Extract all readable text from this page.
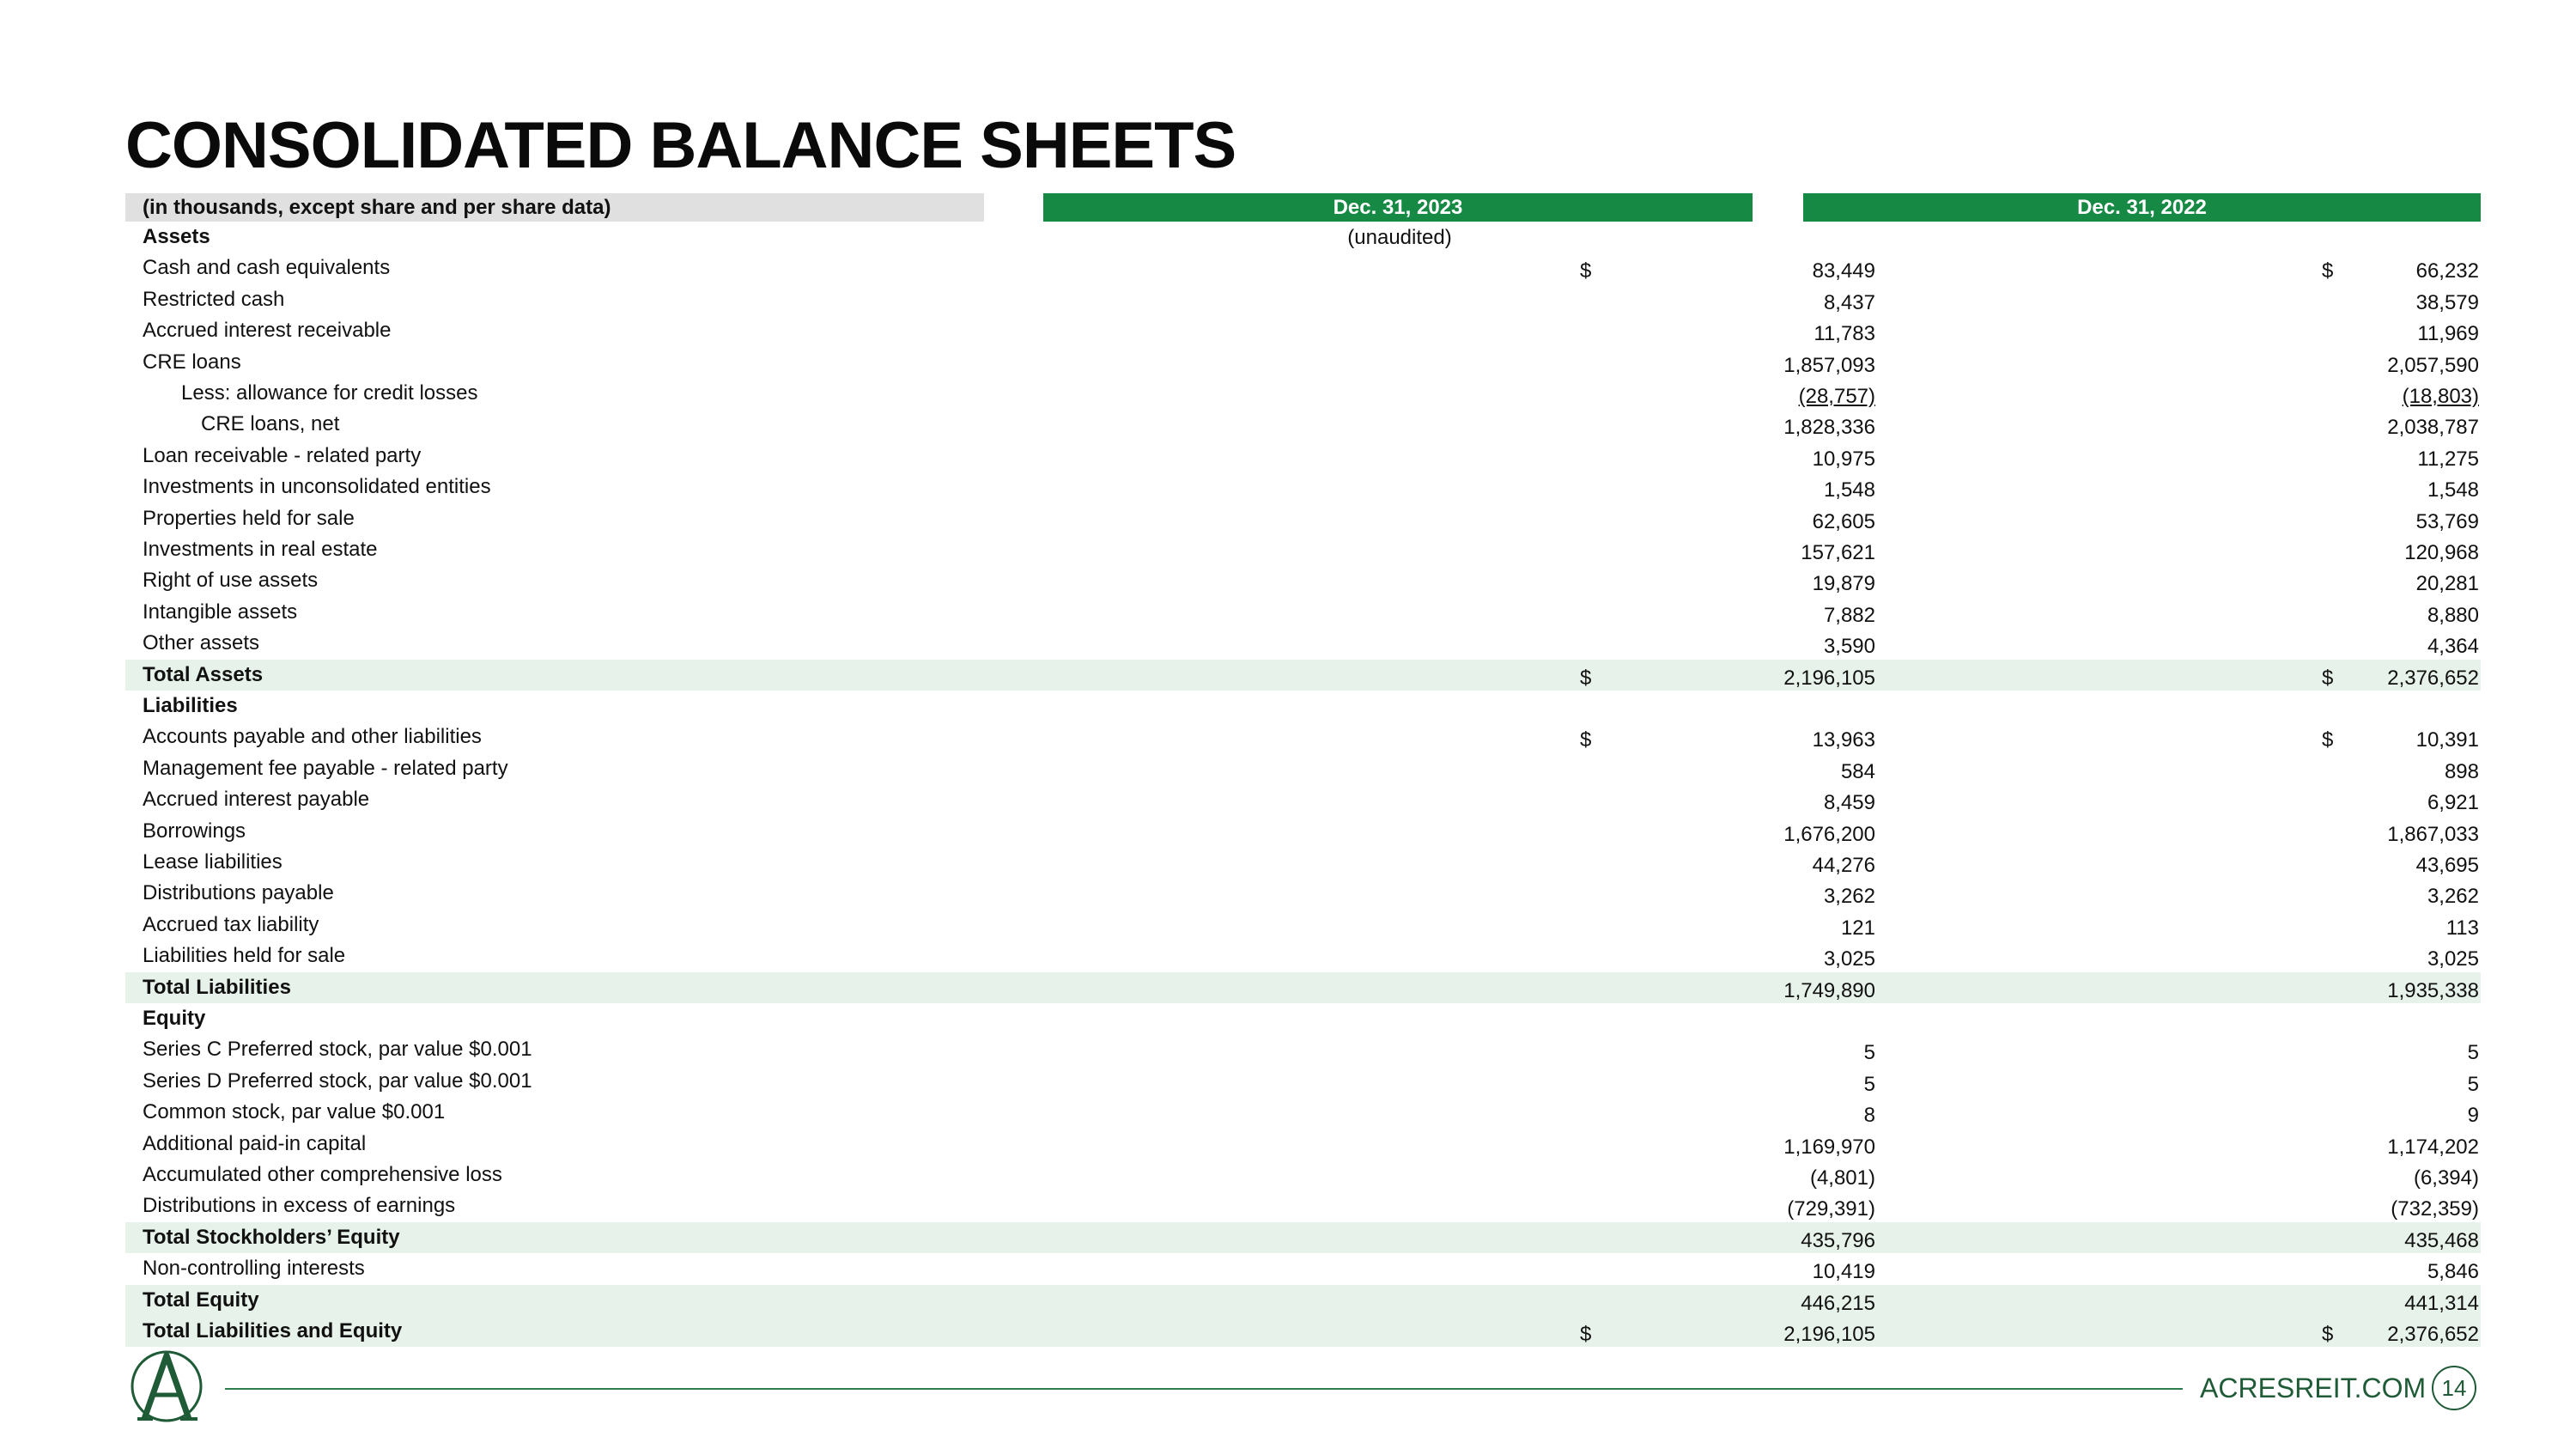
CONSOLIDATED BALANCE SHEETS
(in thousands, except share and per share data)	Dec. 31, 2023	Dec. 31, 2022
(unaudited)
Assets
Cash and cash equivalents	$	83,449	$	66,232
Restricted cash	8,437	38,579
Accrued interest receivable	11,783	11,969
CRE loans	1,857,093	2,057,590
Less: allowance for credit losses	(28,757)	(18,803)
CRE loans, net	1,828,336	2,038,787
Loan receivable - related party	10,975	11,275
Investments in unconsolidated entities	1,548	1,548
Properties held for sale	62,605	53,769
Investments in real estate	157,621	120,968
Right of use assets	19,879	20,281
Intangible assets	7,882	8,880
Other assets	3,590	4,364
Total Assets	$	2,196,105	$	2,376,652
Liabilities
Accounts payable and other liabilities	$	13,963	$	10,391
Management fee payable - related party	584	898
Accrued interest payable	8,459	6,921
Borrowings	1,676,200	1,867,033
Lease liabilities	44,276	43,695
Distributions payable	3,262	3,262
Accrued tax liability	121	113
Liabilities held for sale	3,025	3,025
Total Liabilities	1,749,890	1,935,338
Equity
Series C Preferred stock, par value $0.001	5	5
Series D Preferred stock, par value $0.001	5	5
Common stock, par value $0.001	8	9
Additional paid-in capital	1,169,970	1,174,202
Accumulated other comprehensive loss	(4,801)	(6,394)
Distributions in excess of earnings	(729,391)	(732,359)
Total Stockholders’ Equity	435,796	435,468
Non-controlling interests	10,419	5,846
Total Equity	446,215	441,314
Total Liabilities and Equity	$	2,196,105	$	2,376,652
ACRESREIT.COM 14
